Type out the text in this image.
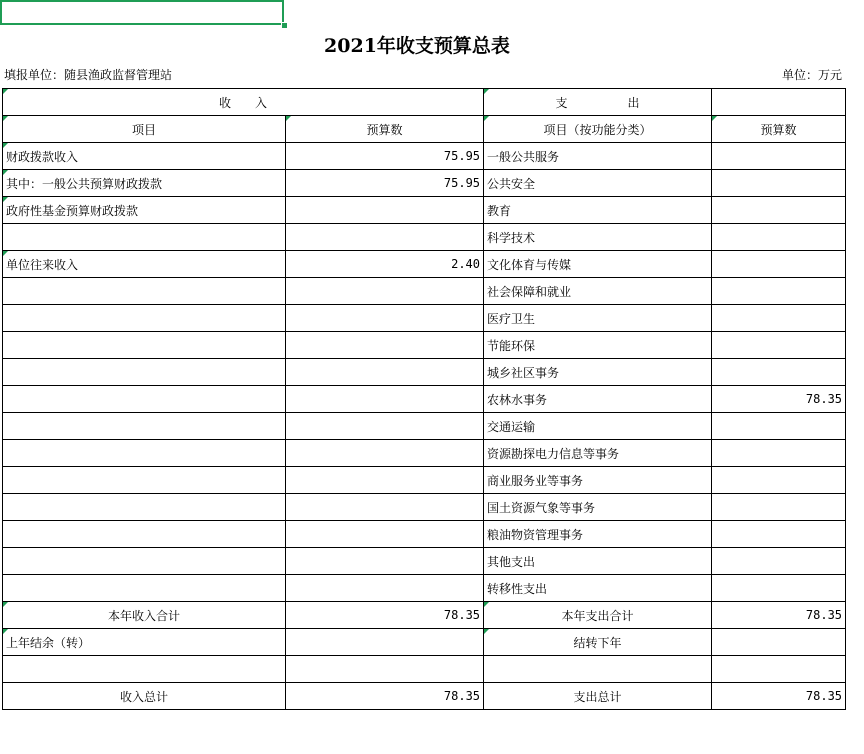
2021年收支预算总表
填报单位：随县渔政监督管理站	单位：万元
收　　入		支　　　　　出	
项目	预算数	项目（按功能分类）	预算数
财政拨款收入	75.95	一般公共服务	
其中：一般公共预算财政拨款	75.95	公共安全	
政府性基金预算财政拨款		教育	
		科学技术	
单位往来收入	2.40	文化体育与传媒	
		社会保障和就业	
		医疗卫生	
		节能环保	
		城乡社区事务	
		农林水事务	78.35
		交通运输	
		资源勘探电力信息等事务	
		商业服务业等事务	
		国土资源气象等事务	
		粮油物资管理事务	
		其他支出	
		转移性支出	
本年收入合计	78.35	本年支出合计	78.35
上年结余（转）		结转下年	

收入总计	78.35	支出总计	78.35
